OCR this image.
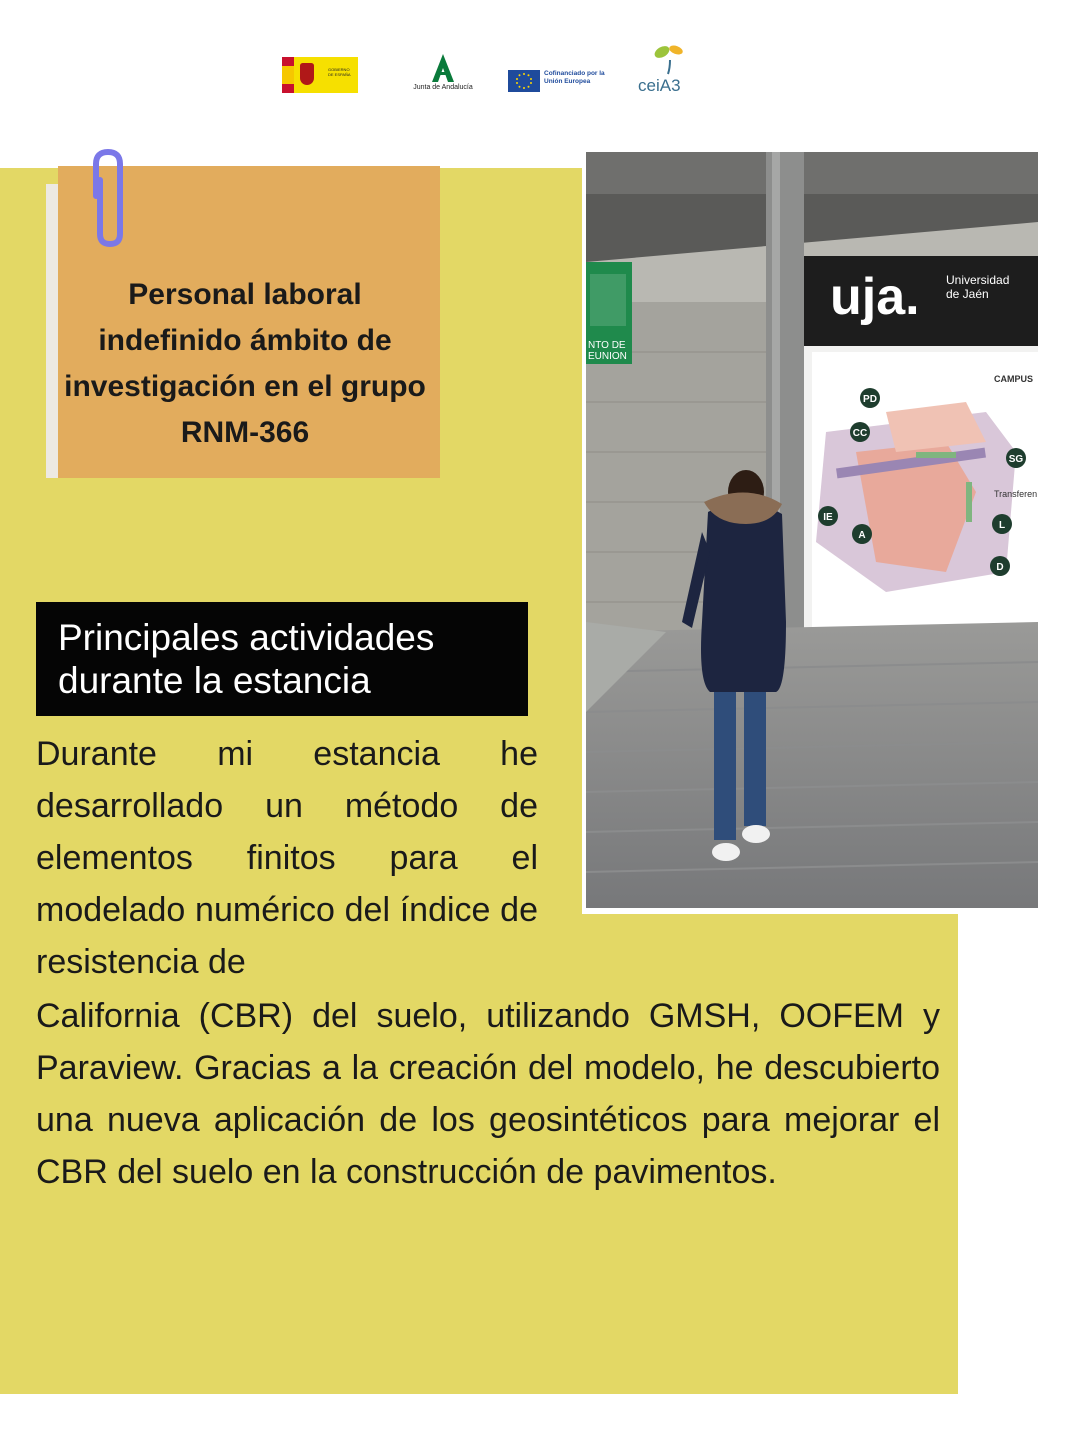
GOBIERNO DE ESPAÑA
Junta de Andalucía
Cofinanciado por la Unión Europea	ceiA3
Personal laboral indefinido ámbito de investigación en el grupo RNM-366
NTO DE
EUNION
uja. Universidad
de Jaén
CAMPUS
Transferen
PD
CC
SG
IE
A
L
D
Principales actividades durante la estancia
Durante mi estancia he desarrollado un método de elementos finitos para el modelado numérico del índice de resistencia de
California (CBR) del suelo, utilizando GMSH, OOFEM y Paraview. Gracias a la creación del modelo, he descubierto una nueva aplicación de los geosintéticos para mejorar el CBR del suelo en la construcción de pavimentos.
